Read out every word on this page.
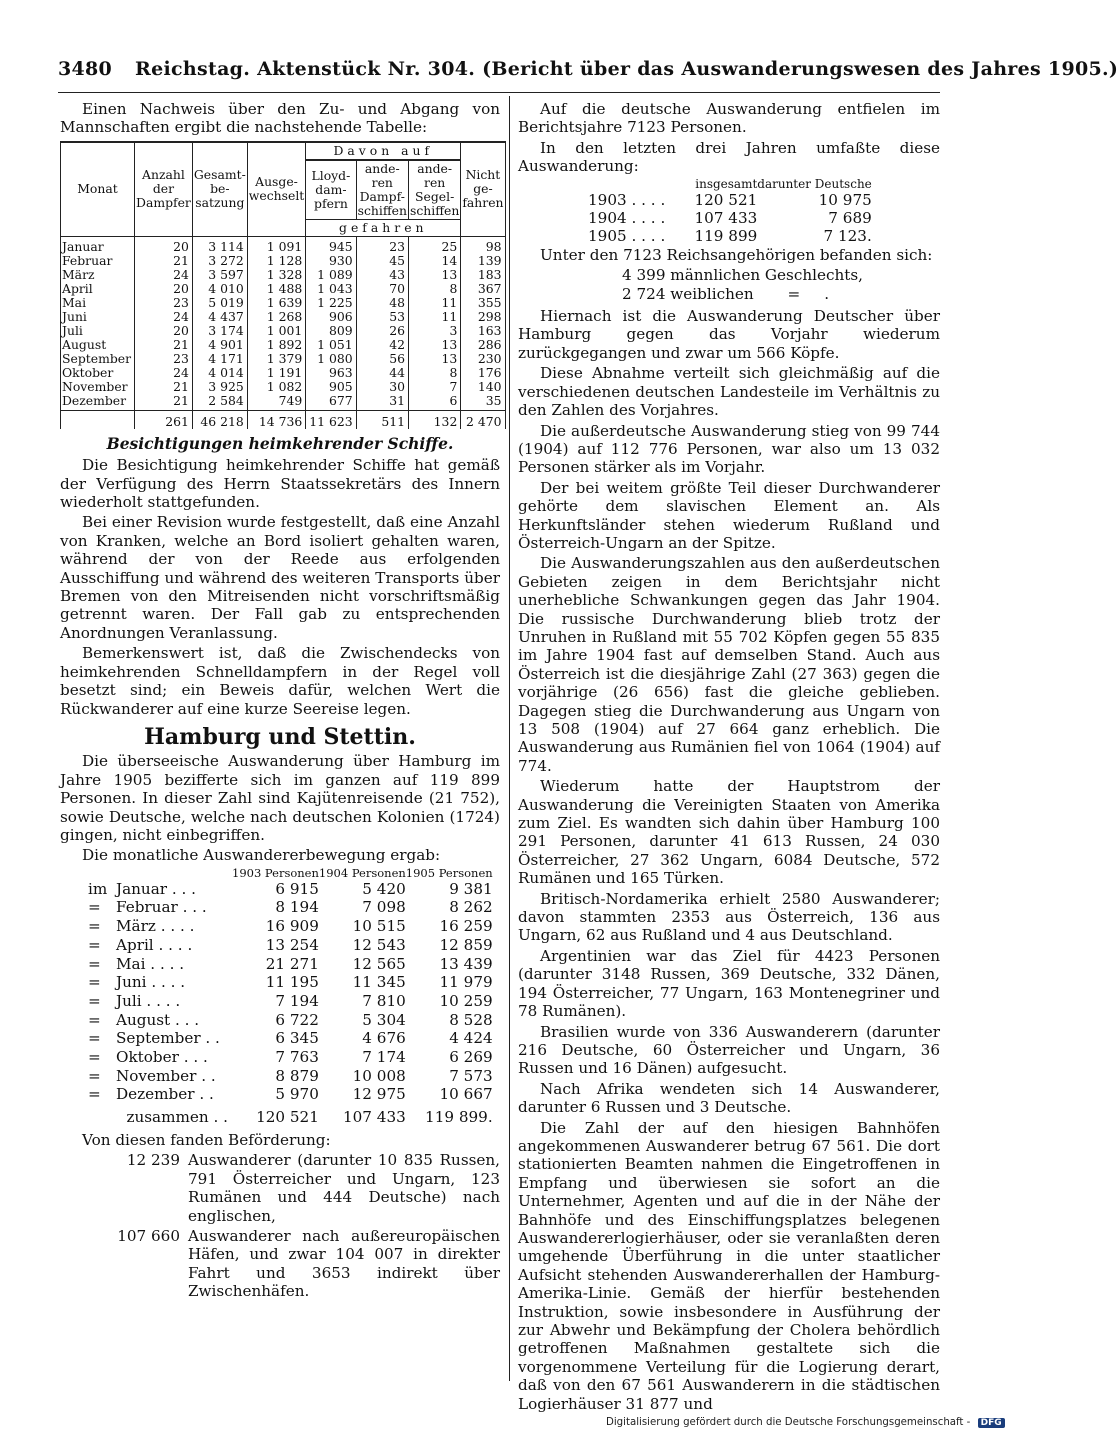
3480 Reichstag. Aktenstück Nr. 304. (Bericht über das Auswanderungswesen des Jahres 1905.)

Einen Nachweis über den Zu- und Abgang von Mannschaften ergibt die nachstehende Tabelle:

Monat	Anzahl der Dampfer	Gesamt-be-satzung	Ausge-wechselt	Davon auf			Nicht ge-fahren
				Lloyd-dam-pfern	ande-ren Dampf-schiffen	ande-ren Segel-schiffen	
				gefahren			
Januar	20	3 114	1 091	945	23	25	98
Februar	21	3 272	1 128	930	45	14	139
März	24	3 597	1 328	1 089	43	13	183
April	20	4 010	1 488	1 043	70	8	367
Mai	23	5 019	1 639	1 225	48	11	355
Juni	24	4 437	1 268	906	53	11	298
Juli	20	3 174	1 001	809	26	3	163
August	21	4 901	1 892	1 051	42	13	286
September	23	4 171	1 379	1 080	56	13	230
Oktober	24	4 014	1 191	963	44	8	176
November	21	3 925	1 082	905	30	7	140
Dezember	21	2 584	749	677	31	6	35
	261	46 218	14 736	11 623	511	132	2 470
Besichtigungen heimkehrender Schiffe.

Die Besichtigung heimkehrender Schiffe hat gemäß der Verfügung des Herrn Staatssekretärs des Innern wiederholt stattgefunden.

Bei einer Revision wurde festgestellt, daß eine Anzahl von Kranken, welche an Bord isoliert gehalten waren, während der von der Reede aus erfolgenden Ausschiffung und während des weiteren Transports über Bremen von den Mitreisenden nicht vorschriftsmäßig getrennt waren. Der Fall gab zu entsprechenden Anordnungen Veranlassung.

Bemerkenswert ist, daß die Zwischendecks von heimkehrenden Schnelldampfern in der Regel voll besetzt sind; ein Beweis dafür, welchen Wert die Rückwanderer auf eine kurze Seereise legen.

Hamburg und Stettin.

Die überseeische Auswanderung über Hamburg im Jahre 1905 bezifferte sich im ganzen auf 119 899 Personen. In dieser Zahl sind Kajütenreisende (21 752), sowie Deutsche, welche nach deutschen Kolonien (1724) gingen, nicht einbegriffen.

Die monatliche Auswandererbewegung ergab:

		1903 Personen	1904 Personen	1905 Personen
im	Januar . . .	6 915	5 420	9 381
=	Februar . . .	8 194	7 098	8 262
=	März . . . .	16 909	10 515	16 259
=	April . . . .	13 254	12 543	12 859
=	Mai . . . .	21 271	12 565	13 439
=	Juni . . . .	11 195	11 345	11 979
=	Juli . . . .	7 194	7 810	10 259
=	August . . .	6 722	5 304	8 528
=	September . .	6 345	4 676	4 424
=	Oktober . . .	7 763	7 174	6 269
=	November . .	8 879	10 008	7 573
=	Dezember . .	5 970	12 975	10 667
zusammen . .		120 521	107 433	119 899.

Von diesen fanden Beförderung:

12 239 Auswanderer (darunter 10 835 Russen, 791 Österreicher und Ungarn, 123 Rumänen und 444 Deutsche) nach englischen,
107 660 Auswanderer nach außereuropäischen Häfen, und zwar 104 007 in direkter Fahrt und 3653 indirekt über Zwischenhäfen.

Auf die deutsche Auswanderung entfielen im Berichtsjahre 7123 Personen.

In den letzten drei Jahren umfaßte diese Auswanderung:

	insgesamt	darunter Deutsche
1903 . . . .	120 521	10 975
1904 . . . .	107 433	7 689
1905 . . . .	119 899	7 123.

Unter den 7123 Reichsangehörigen befanden sich:

4 399 männlichen Geschlechts,
2 724 weiblichen       =     .

Hiernach ist die Auswanderung Deutscher über Hamburg gegen das Vorjahr wiederum zurückgegangen und zwar um 566 Köpfe.

Diese Abnahme verteilt sich gleichmäßig auf die verschiedenen deutschen Landesteile im Verhältnis zu den Zahlen des Vorjahres.

Die außerdeutsche Auswanderung stieg von 99 744 (1904) auf 112 776 Personen, war also um 13 032 Personen stärker als im Vorjahr.

Der bei weitem größte Teil dieser Durchwanderer gehörte dem slavischen Element an. Als Herkunftsländer stehen wiederum Rußland und Österreich-Ungarn an der Spitze.

Die Auswanderungszahlen aus den außerdeutschen Gebieten zeigen in dem Berichtsjahr nicht unerhebliche Schwankungen gegen das Jahr 1904. Die russische Durchwanderung blieb trotz der Unruhen in Rußland mit 55 702 Köpfen gegen 55 835 im Jahre 1904 fast auf demselben Stand. Auch aus Österreich ist die diesjährige Zahl (27 363) gegen die vorjährige (26 656) fast die gleiche geblieben. Dagegen stieg die Durchwanderung aus Ungarn von 13 508 (1904) auf 27 664 ganz erheblich. Die Auswanderung aus Rumänien fiel von 1064 (1904) auf 774.

Wiederum hatte der Hauptstrom der Auswanderung die Vereinigten Staaten von Amerika zum Ziel. Es wandten sich dahin über Hamburg 100 291 Personen, darunter 41 613 Russen, 24 030 Österreicher, 27 362 Ungarn, 6084 Deutsche, 572 Rumänen und 165 Türken.

Britisch-Nordamerika erhielt 2580 Auswanderer; davon stammten 2353 aus Österreich, 136 aus Ungarn, 62 aus Rußland und 4 aus Deutschland.

Argentinien war das Ziel für 4423 Personen (darunter 3148 Russen, 369 Deutsche, 332 Dänen, 194 Österreicher, 77 Ungarn, 163 Montenegriner und 78 Rumänen).

Brasilien wurde von 336 Auswanderern (darunter 216 Deutsche, 60 Österreicher und Ungarn, 36 Russen und 16 Dänen) aufgesucht.

Nach Afrika wendeten sich 14 Auswanderer, darunter 6 Russen und 3 Deutsche.

Die Zahl der auf den hiesigen Bahnhöfen angekommenen Auswanderer betrug 67 561. Die dort stationierten Beamten nahmen die Eingetroffenen in Empfang und überwiesen sie sofort an die Unternehmer, Agenten und auf die in der Nähe der Bahnhöfe und des Einschiffungsplatzes belegenen Auswandererlogierhäuser, oder sie veranlaßten deren umgehende Überführung in die unter staatlicher Aufsicht stehenden Auswandererhallen der Hamburg-Amerika-Linie. Gemäß der hierfür bestehenden Instruktion, sowie insbesondere in Ausführung der zur Abwehr und Bekämpfung der Cholera behördlich getroffenen Maßnahmen gestaltete sich die vorgenommene Verteilung für die Logierung derart, daß von den 67 561 Auswanderern in die städtischen Logierhäuser 31 877 und

Digitalisierung gefördert durch die Deutsche Forschungsgemeinschaft - DFG
